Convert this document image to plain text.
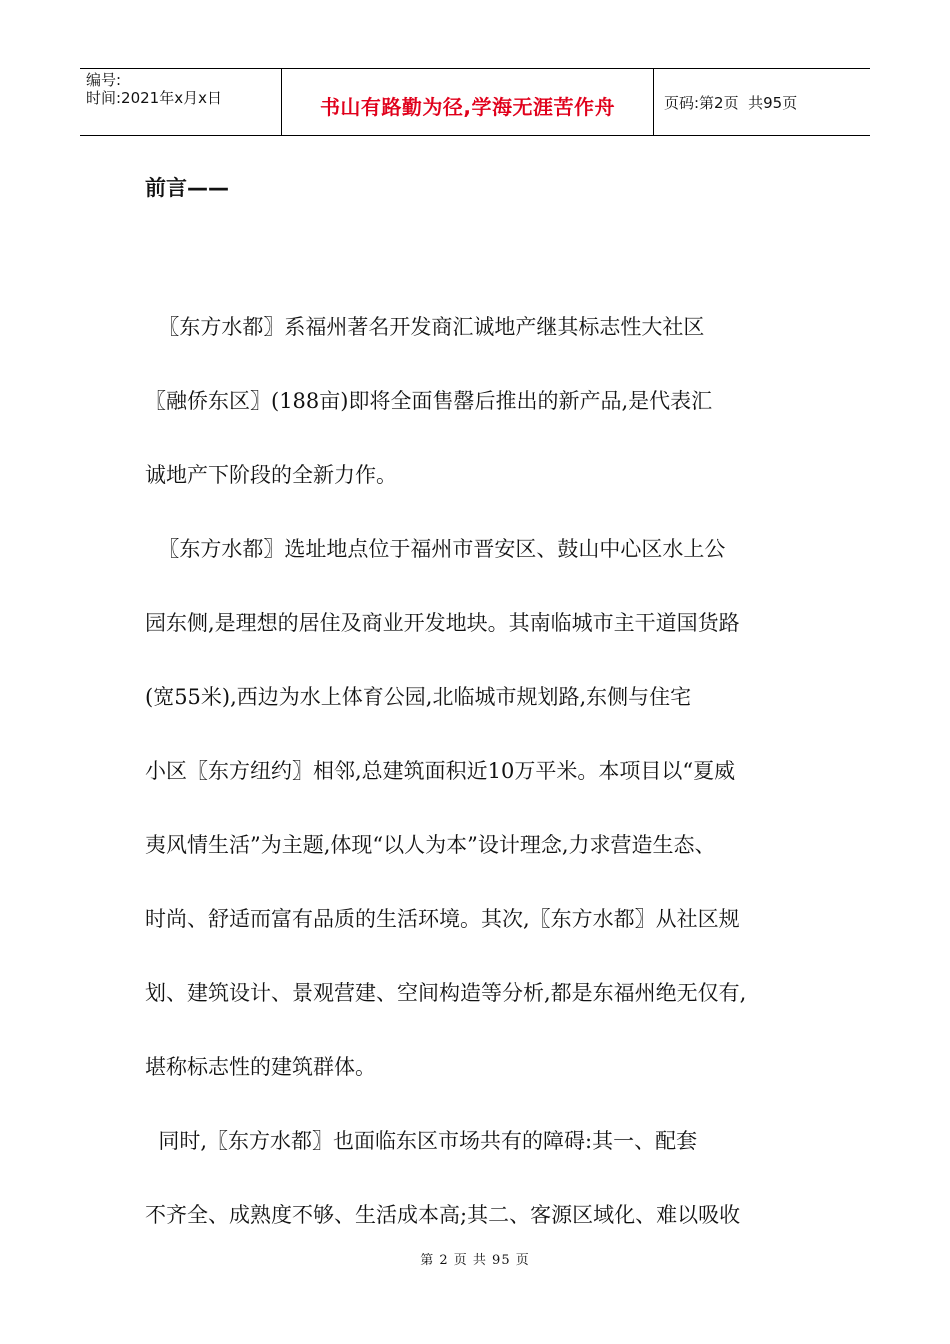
编号:
时间:2021年x月x日	书山有路勤为径,学海无涯苦作舟	页码:第2页  共95页
前言——
〖东方水都〗系福州著名开发商汇诚地产继其标志性大社区
〖融侨东区〗(188亩)即将全面售罄后推出的新产品,是代表汇
诚地产下阶段的全新力作。
〖东方水都〗选址地点位于福州市晋安区、鼓山中心区水上公
园东侧,是理想的居住及商业开发地块。其南临城市主干道国货路
(宽55米),西边为水上体育公园,北临城市规划路,东侧与住宅
小区〖东方纽约〗相邻,总建筑面积近10万平米。本项目以“夏威
夷风情生活”为主题,体现“以人为本”设计理念,力求营造生态、
时尚、舒适而富有品质的生活环境。其次,〖东方水都〗从社区规
划、建筑设计、景观营建、空间构造等分析,都是东福州绝无仅有,
堪称标志性的建筑群体。
同时,〖东方水都〗也面临东区市场共有的障碍:其一、配套
不齐全、成熟度不够、生活成本高;其二、客源区域化、难以吸收
第 2 页 共 95 页
